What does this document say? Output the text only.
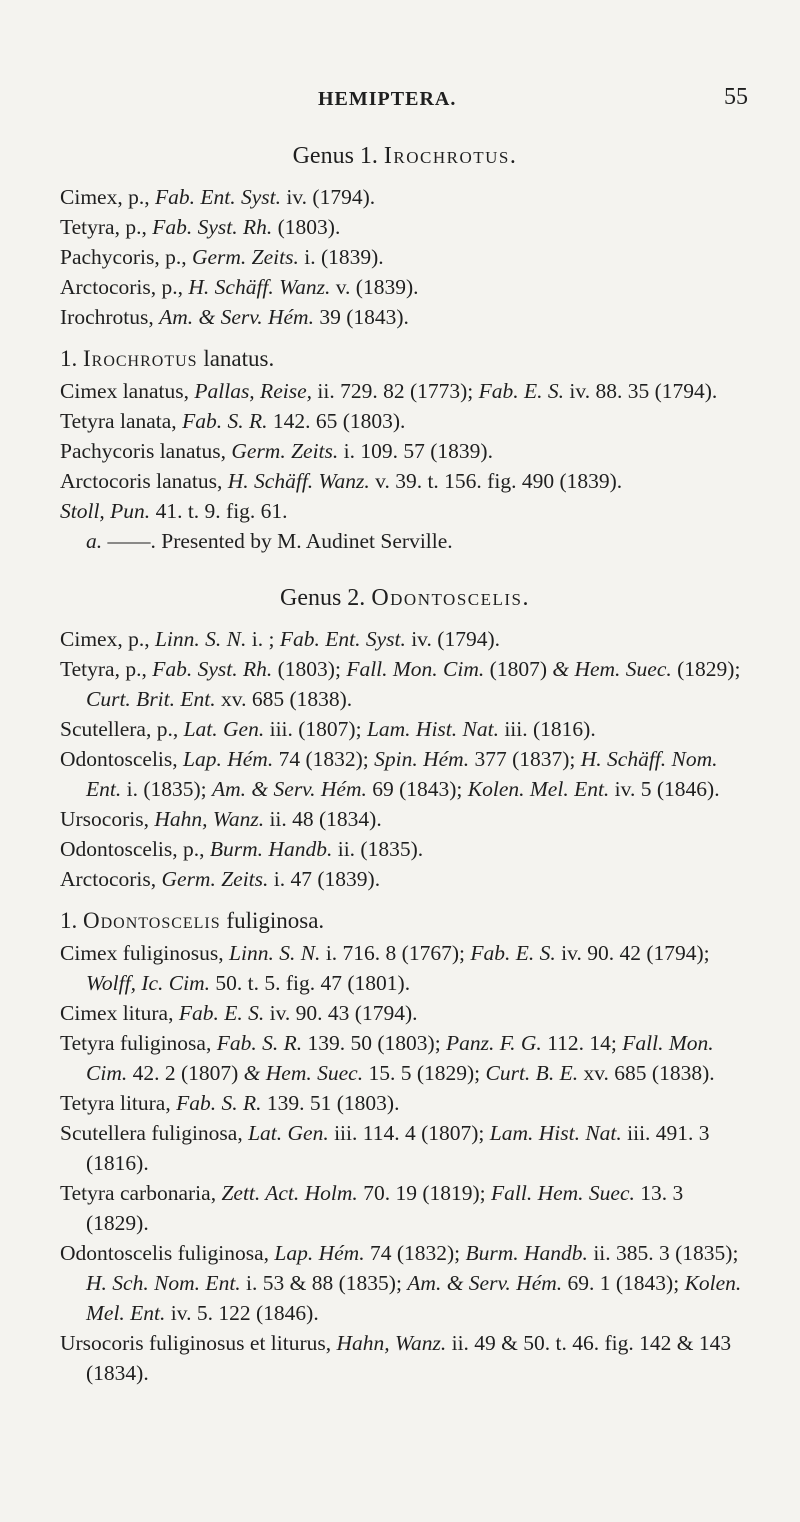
HEMIPTERA.	55
Genus 1. Irochrotus.

Cimex, p., Fab. Ent. Syst. iv. (1794).

Tetyra, p., Fab. Syst. Rh. (1803).

Pachycoris, p., Germ. Zeits. i. (1839).

Arctocoris, p., H. Schäff. Wanz. v. (1839).

Irochrotus, Am. & Serv. Hém. 39 (1843).

1. Irochrotus lanatus.

Cimex lanatus, Pallas, Reise, ii. 729. 82 (1773); Fab. E. S. iv. 88. 35 (1794).

Tetyra lanata, Fab. S. R. 142. 65 (1803).

Pachycoris lanatus, Germ. Zeits. i. 109. 57 (1839).

Arctocoris lanatus, H. Schäff. Wanz. v. 39. t. 156. fig. 490 (1839).

Stoll, Pun. 41. t. 9. fig. 61.

a. ——. Presented by M. Audinet Serville.

Genus 2. Odontoscelis.

Cimex, p., Linn. S. N. i. ; Fab. Ent. Syst. iv. (1794).

Tetyra, p., Fab. Syst. Rh. (1803); Fall. Mon. Cim. (1807) & Hem. Suec. (1829); Curt. Brit. Ent. xv. 685 (1838).

Scutellera, p., Lat. Gen. iii. (1807); Lam. Hist. Nat. iii. (1816).

Odontoscelis, Lap. Hém. 74 (1832); Spin. Hém. 377 (1837); H. Schäff. Nom. Ent. i. (1835); Am. & Serv. Hém. 69 (1843); Kolen. Mel. Ent. iv. 5 (1846).

Ursocoris, Hahn, Wanz. ii. 48 (1834).

Odontoscelis, p., Burm. Handb. ii. (1835).

Arctocoris, Germ. Zeits. i. 47 (1839).

1. Odontoscelis fuliginosa.

Cimex fuliginosus, Linn. S. N. i. 716. 8 (1767); Fab. E. S. iv. 90. 42 (1794); Wolff, Ic. Cim. 50. t. 5. fig. 47 (1801).

Cimex litura, Fab. E. S. iv. 90. 43 (1794).

Tetyra fuliginosa, Fab. S. R. 139. 50 (1803); Panz. F. G. 112. 14; Fall. Mon. Cim. 42. 2 (1807) & Hem. Suec. 15. 5 (1829); Curt. B. E. xv. 685 (1838).

Tetyra litura, Fab. S. R. 139. 51 (1803).

Scutellera fuliginosa, Lat. Gen. iii. 114. 4 (1807); Lam. Hist. Nat. iii. 491. 3 (1816).

Tetyra carbonaria, Zett. Act. Holm. 70. 19 (1819); Fall. Hem. Suec. 13. 3 (1829).

Odontoscelis fuliginosa, Lap. Hém. 74 (1832); Burm. Handb. ii. 385. 3 (1835); H. Sch. Nom. Ent. i. 53 & 88 (1835); Am. & Serv. Hém. 69. 1 (1843); Kolen. Mel. Ent. iv. 5. 122 (1846).

Ursocoris fuliginosus et liturus, Hahn, Wanz. ii. 49 & 50. t. 46. fig. 142 & 143 (1834).
